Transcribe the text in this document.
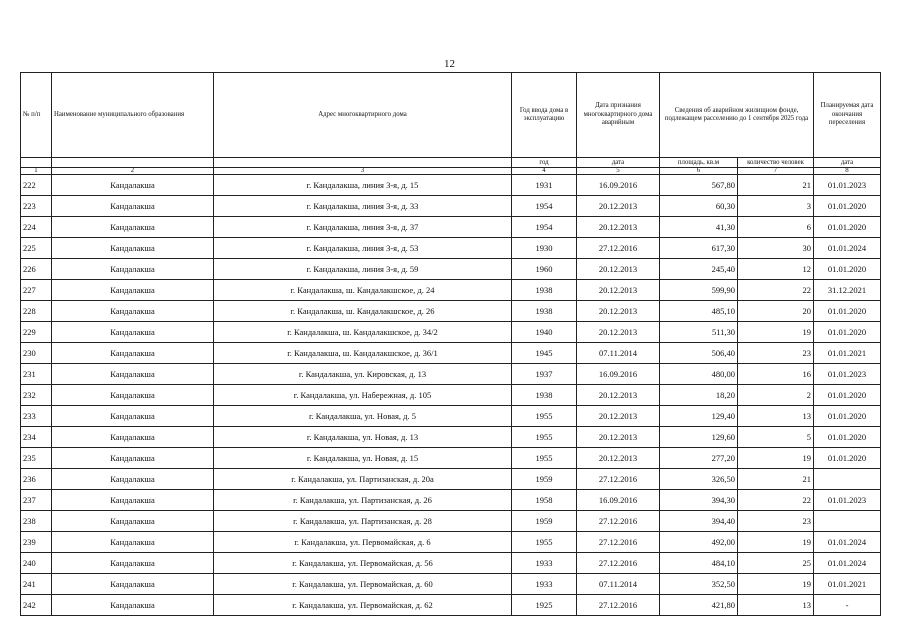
12
№ п/п	Наименование муниципального образования	Адрес многоквартирного дома	Год ввода дома в эксплуатацию	Дата признания многоквартирного дома аварийным	Сведения об аварийном жилищном фонде, подлежащем расселению до 1 сентября 2025 года		Планируемая дата окончания переселения
			год	дата	площадь, кв.м	количество человек	дата
1	2	3	4	5	6	7	8
222	Кандалакша	г. Кандалакша, линия 3-я, д. 15	1931	16.09.2016	567,80	21	01.01.2023
223	Кандалакша	г. Кандалакша, линия 3-я, д. 33	1954	20.12.2013	60,30	3	01.01.2020
224	Кандалакша	г. Кандалакша, линия 3-я, д. 37	1954	20.12.2013	41,30	6	01.01.2020
225	Кандалакша	г. Кандалакша, линия 3-я, д. 53	1930	27.12.2016	617,30	30	01.01.2024
226	Кандалакша	г. Кандалакша, линия 3-я, д. 59	1960	20.12.2013	245,40	12	01.01.2020
227	Кандалакша	г. Кандалакша, ш. Кандалакшское, д. 24	1938	20.12.2013	599,90	22	31.12.2021
228	Кандалакша	г. Кандалакша, ш. Кандалакшское, д. 26	1938	20.12.2013	485,10	20	01.01.2020
229	Кандалакша	г. Кандалакша, ш. Кандалакшское, д. 34/2	1940	20.12.2013	511,30	19	01.01.2020
230	Кандалакша	г. Кандалакша, ш. Кандалакшское, д. 36/1	1945	07.11.2014	506,40	23	01.01.2021
231	Кандалакша	г. Кандалакша, ул. Кировская, д. 13	1937	16.09.2016	480,00	16	01.01.2023
232	Кандалакша	г. Кандалакша, ул. Набережная, д. 105	1938	20.12.2013	18,20	2	01.01.2020
233	Кандалакша	г. Кандалакша, ул. Новая, д. 5	1955	20.12.2013	129,40	13	01.01.2020
234	Кандалакша	г. Кандалакша, ул. Новая, д. 13	1955	20.12.2013	129,60	5	01.01.2020
235	Кандалакша	г. Кандалакша, ул. Новая, д. 15	1955	20.12.2013	277,20	19	01.01.2020
236	Кандалакша	г. Кандалакша, ул. Партизанская, д. 20а	1959	27.12.2016	326,50	21	
237	Кандалакша	г. Кандалакша, ул. Партизанская, д. 26	1958	16.09.2016	394,30	22	01.01.2023
238	Кандалакша	г. Кандалакша, ул. Партизанская, д. 28	1959	27.12.2016	394,40	23	
239	Кандалакша	г. Кандалакша, ул. Первомайская, д. 6	1955	27.12.2016	492,00	19	01.01.2024
240	Кандалакша	г. Кандалакша, ул. Первомайская, д. 56	1933	27.12.2016	484,10	25	01.01.2024
241	Кандалакша	г. Кандалакша, ул. Первомайская, д. 60	1933	07.11.2014	352,50	19	01.01.2021
242	Кандалакша	г. Кандалакша, ул. Первомайская, д. 62	1925	27.12.2016	421,80	13	-
